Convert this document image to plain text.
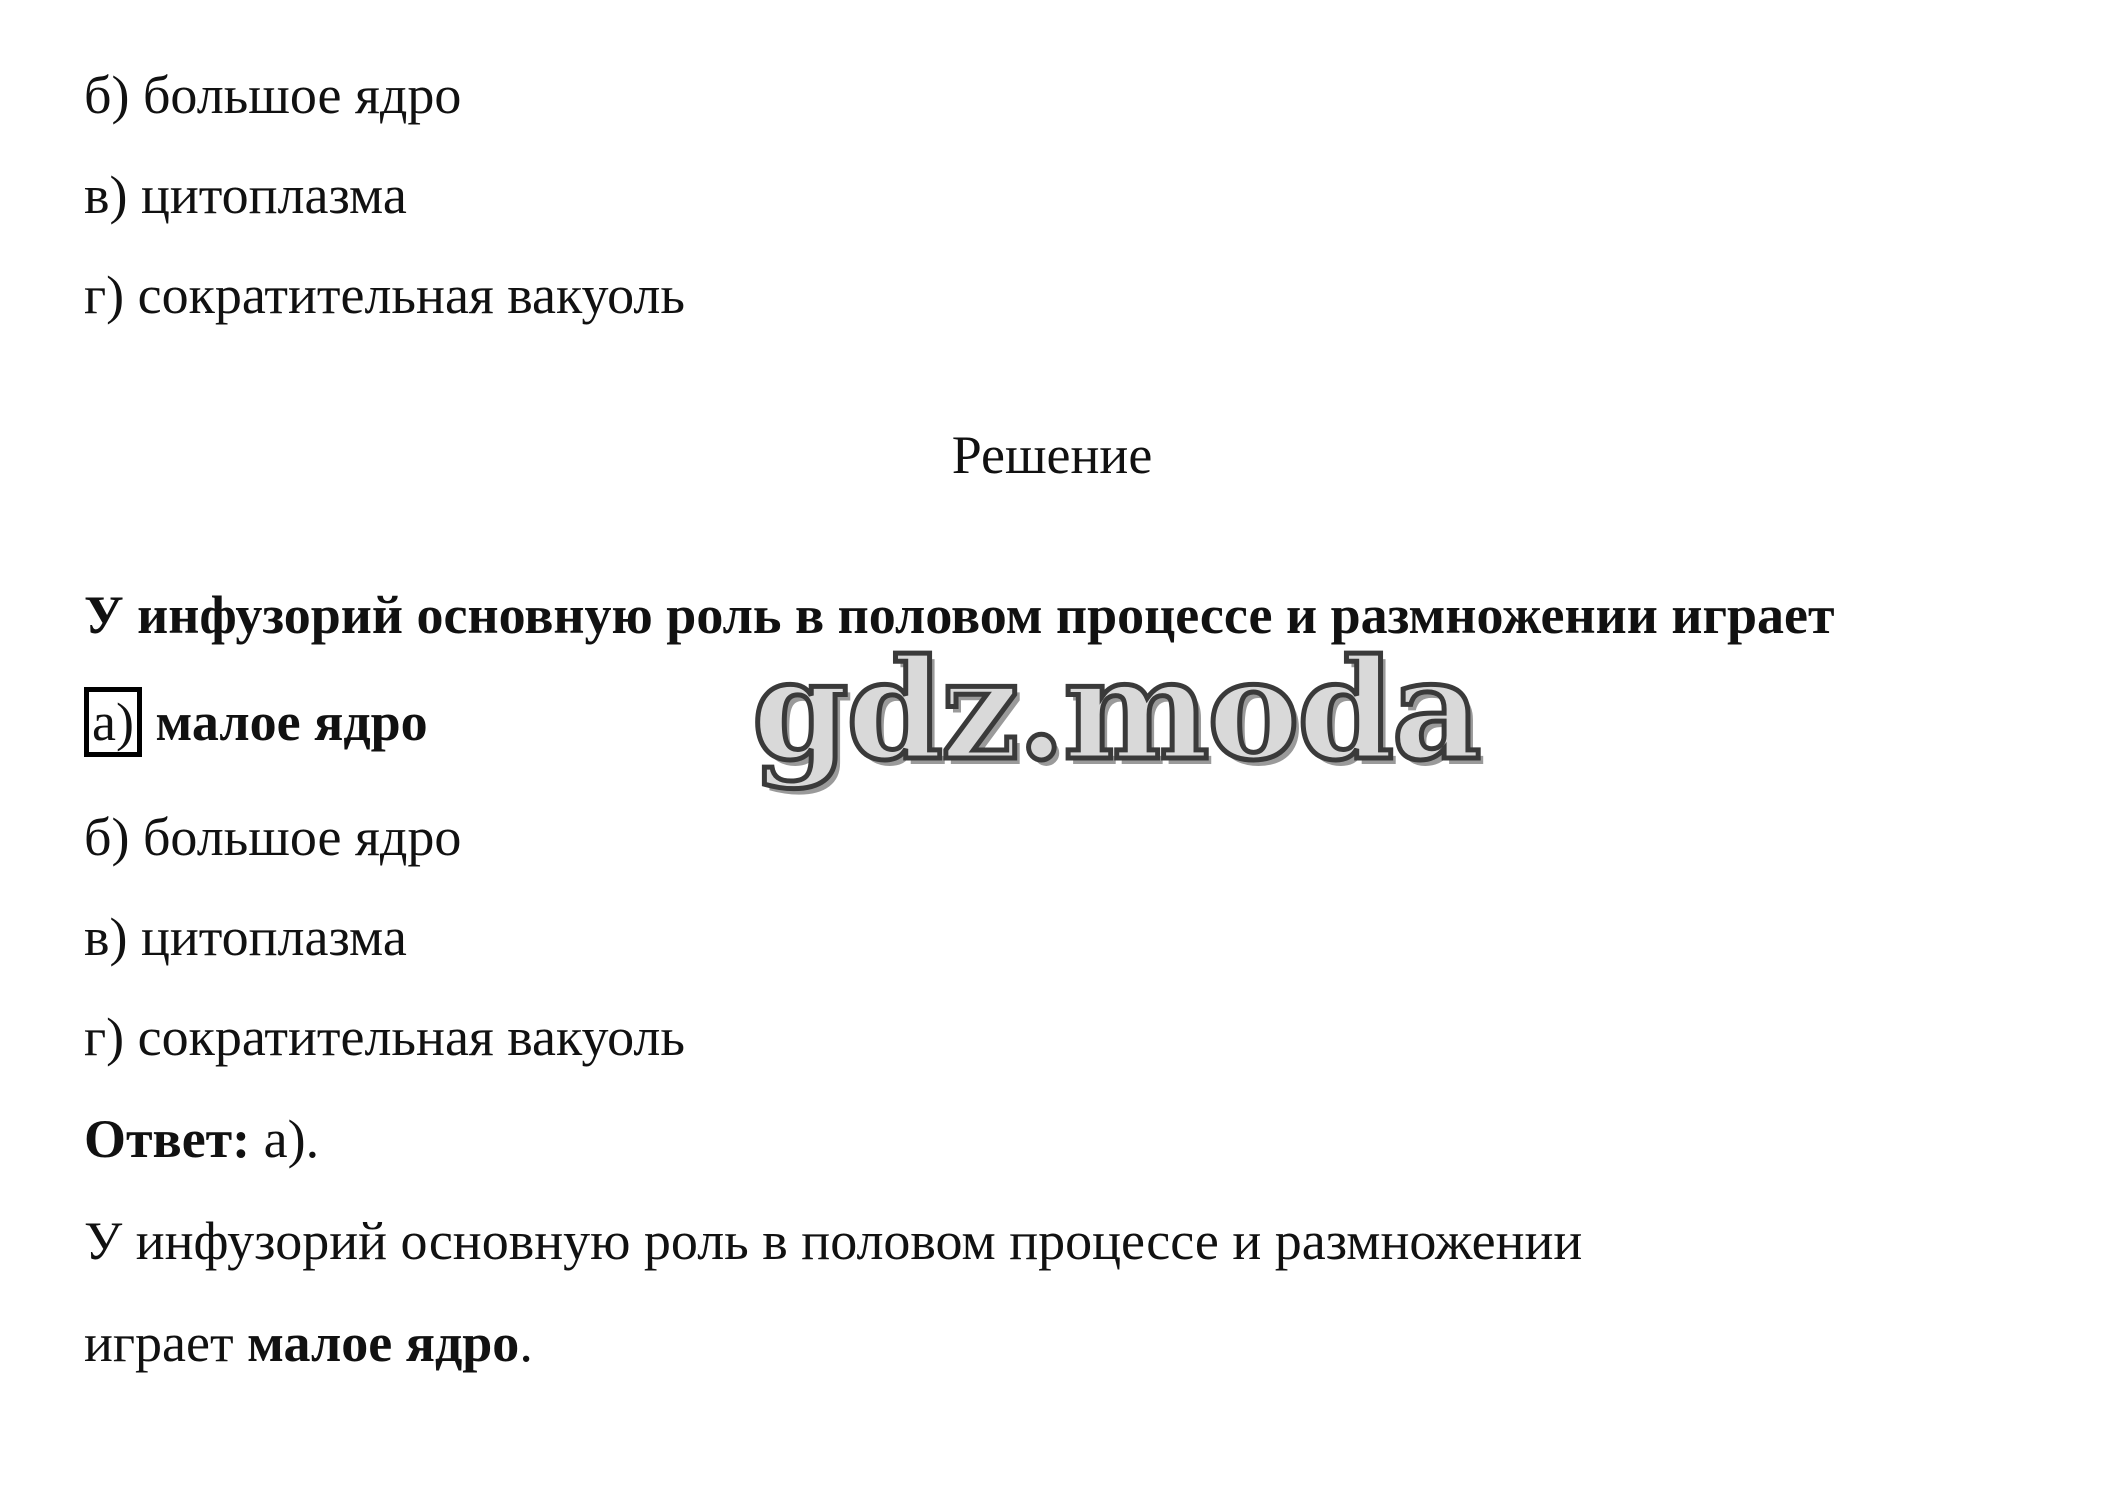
б) большое ядро
в) цитоплазма
г) сократительная вакуоль
Решение
У инфузорий основную роль в половом процессе и размножении играет
а) малое ядро
б) большое ядро
в) цитоплазма
г) сократительная вакуоль
Ответ: а).
У инфузорий основную роль в половом процессе и размножении
играет малое ядро.
gdz.moda
